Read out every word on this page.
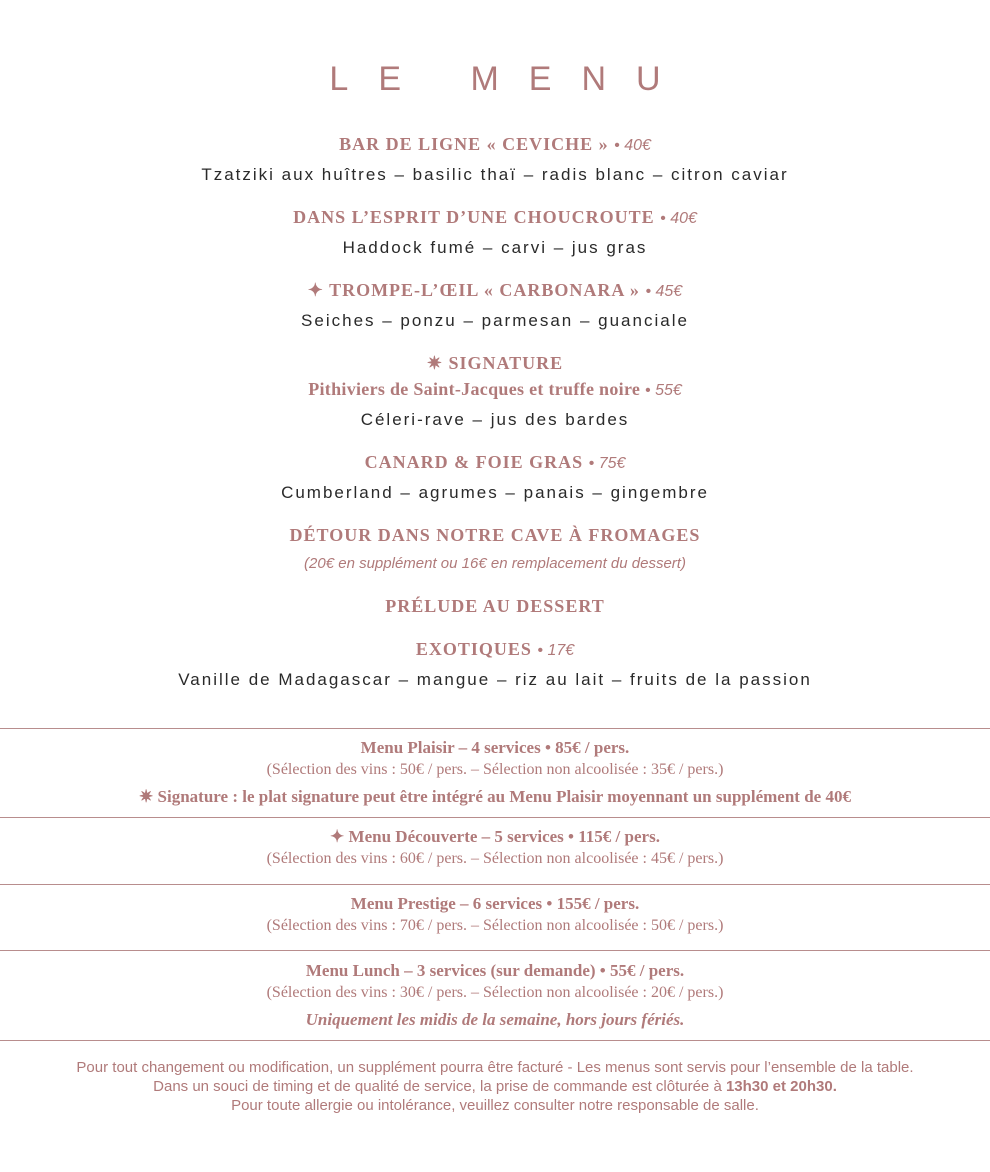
LE MENU
BAR DE LIGNE « CEVICHE » • 40€
Tzatziki aux huîtres – basilic thaï – radis blanc – citron caviar
DANS L’ESPRIT D’UNE CHOUCROUTE • 40€
Haddock fumé – carvi – jus gras
✦ TROMPE-L’ŒIL « CARBONARA » • 45€
Seiches – ponzu – parmesan – guanciale
✷ SIGNATURE
Pithiviers de Saint-Jacques et truffe noire • 55€
Céleri-rave – jus des bardes
CANARD & FOIE GRAS • 75€
Cumberland – agrumes – panais – gingembre
DÉTOUR DANS NOTRE CAVE À FROMAGES
(20€ en supplément ou 16€ en remplacement du dessert)
PRÉLUDE AU DESSERT
EXOTIQUES • 17€
Vanille de Madagascar – mangue – riz au lait – fruits de la passion
Menu Plaisir – 4 services • 85€ / pers.
(Sélection des vins : 50€ / pers. – Sélection non alcoolisée : 35€ / pers.)
✷ Signature : le plat signature peut être intégré au Menu Plaisir moyennant un supplément de 40€
✦ Menu Découverte – 5 services • 115€ / pers.
(Sélection des vins : 60€ / pers. – Sélection non alcoolisée : 45€ / pers.)
Menu Prestige – 6 services • 155€ / pers.
(Sélection des vins : 70€ / pers. – Sélection non alcoolisée : 50€ / pers.)
Menu Lunch – 3 services (sur demande) • 55€ / pers.
(Sélection des vins : 30€ / pers. – Sélection non alcoolisée : 20€ / pers.)
Uniquement les midis de la semaine, hors jours fériés.
Pour tout changement ou modification, un supplément pourra être facturé - Les menus sont servis pour l’ensemble de la table.
Dans un souci de timing et de qualité de service, la prise de commande est clôturée à 13h30 et 20h30.
Pour toute allergie ou intolérance, veuillez consulter notre responsable de salle.
